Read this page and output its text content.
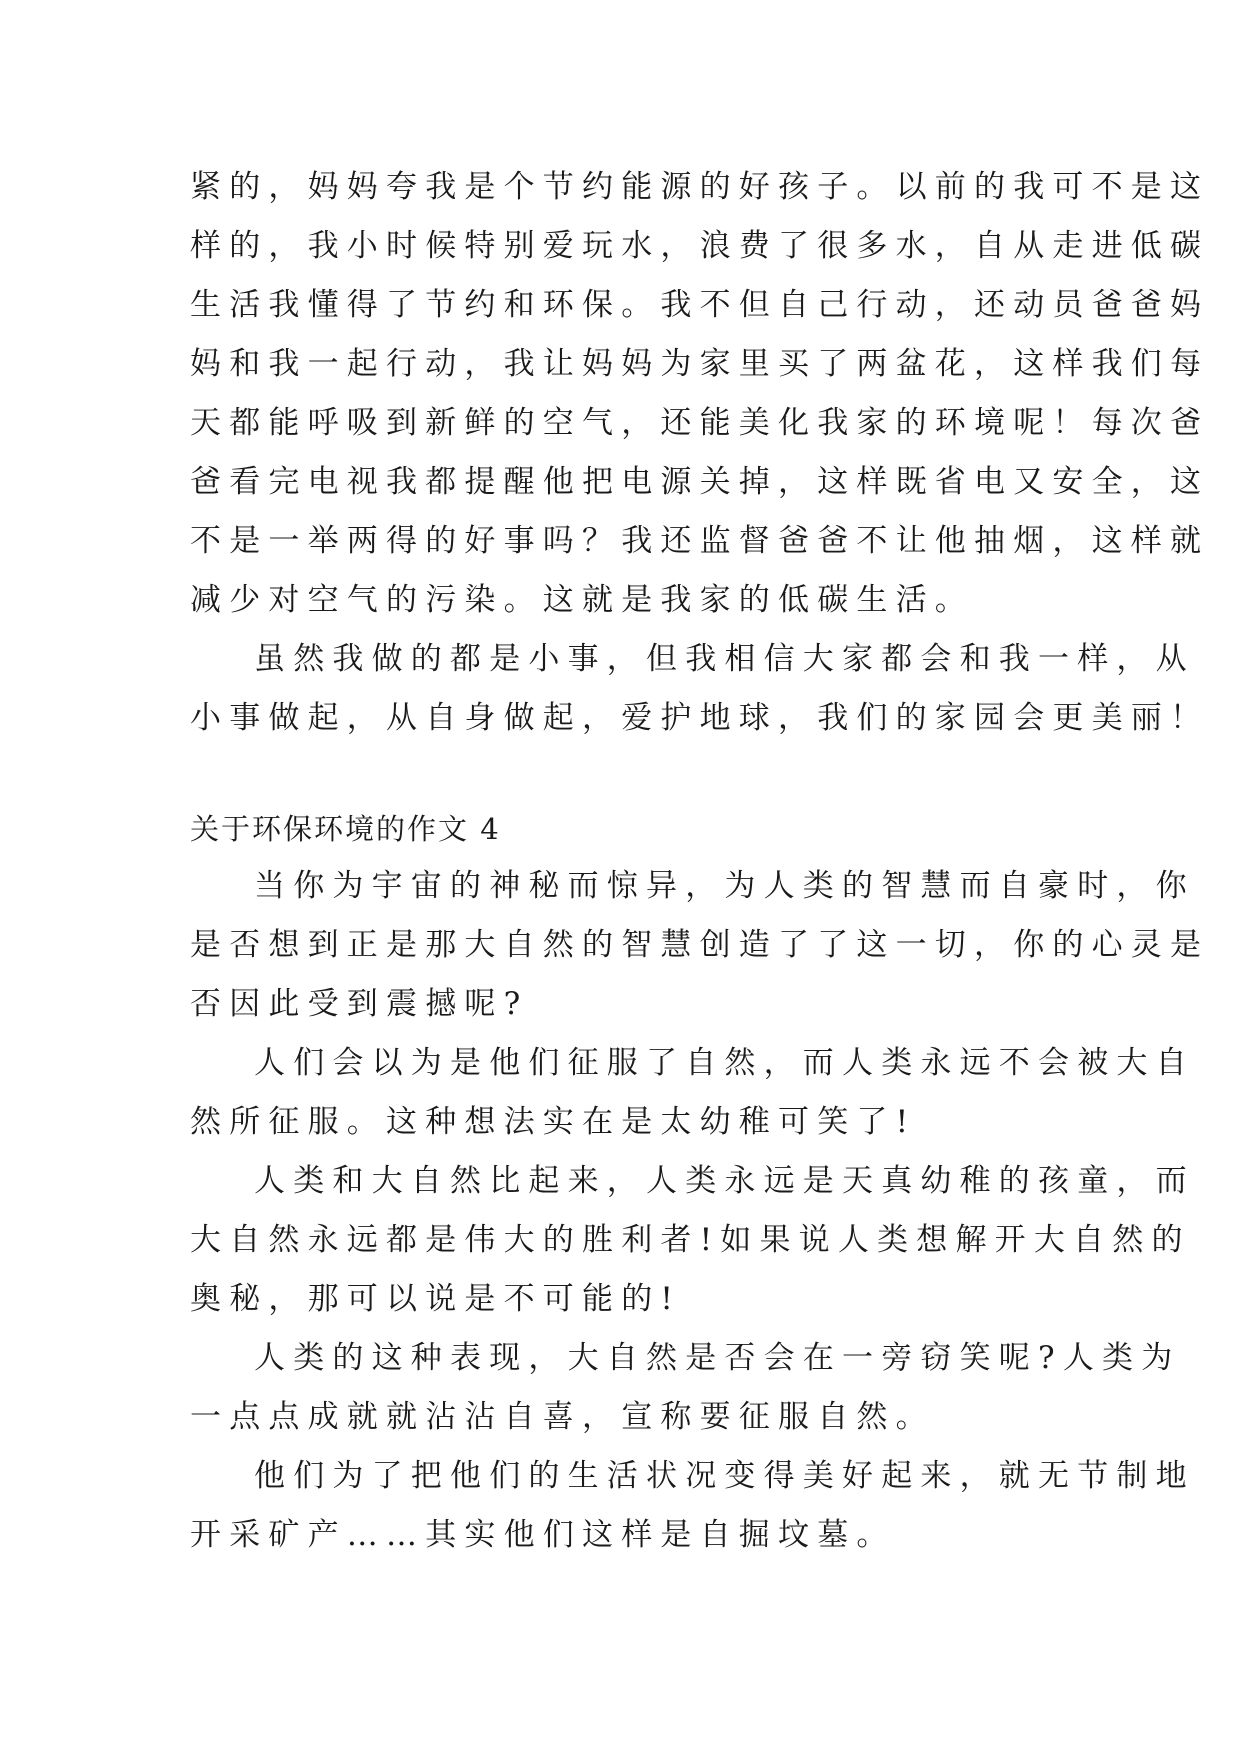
紧的，妈妈夸我是个节约能源的好孩子。以前的我可不是这
样的，我小时候特别爱玩水，浪费了很多水，自从走进低碳
生活我懂得了节约和环保。我不但自己行动，还动员爸爸妈
妈和我一起行动，我让妈妈为家里买了两盆花，这样我们每
天都能呼吸到新鲜的空气，还能美化我家的环境呢！每次爸
爸看完电视我都提醒他把电源关掉，这样既省电又安全，这
不是一举两得的好事吗？我还监督爸爸不让他抽烟，这样就
减少对空气的污染。这就是我家的低碳生活。
虽然我做的都是小事，但我相信大家都会和我一样，从
小事做起，从自身做起，爱护地球，我们的家园会更美丽！
关于环保环境的作文 4
当你为宇宙的神秘而惊异，为人类的智慧而自豪时，你
是否想到正是那大自然的智慧创造了了这一切，你的心灵是
否因此受到震撼呢?
人们会以为是他们征服了自然，而人类永远不会被大自
然所征服。这种想法实在是太幼稚可笑了!
人类和大自然比起来，人类永远是天真幼稚的孩童，而
大自然永远都是伟大的胜利者!如果说人类想解开大自然的
奥秘，那可以说是不可能的!
人类的这种表现，大自然是否会在一旁窃笑呢?人类为
一点点成就就沾沾自喜，宣称要征服自然。
他们为了把他们的生活状况变得美好起来，就无节制地
开采矿产……其实他们这样是自掘坟墓。
